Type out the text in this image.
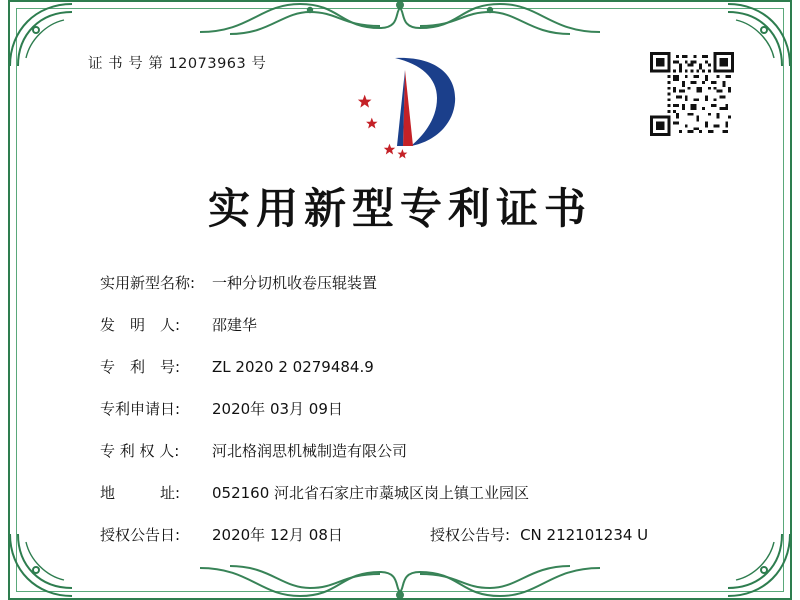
证 书 号 第 12073963 号
实用新型专利证书
实用新型名称:	一种分切机收卷压辊装置
发　明　人:	邵建华
专　利　号:	ZL 2020 2 0279484.9
专利申请日:	2020年 03月 09日
专 利 权 人:	河北格润思机械制造有限公司
地　　　址:	052160 河北省石家庄市藁城区岗上镇工业园区
授权公告日:	2020年 12月 08日	授权公告号: CN 212101234 U
